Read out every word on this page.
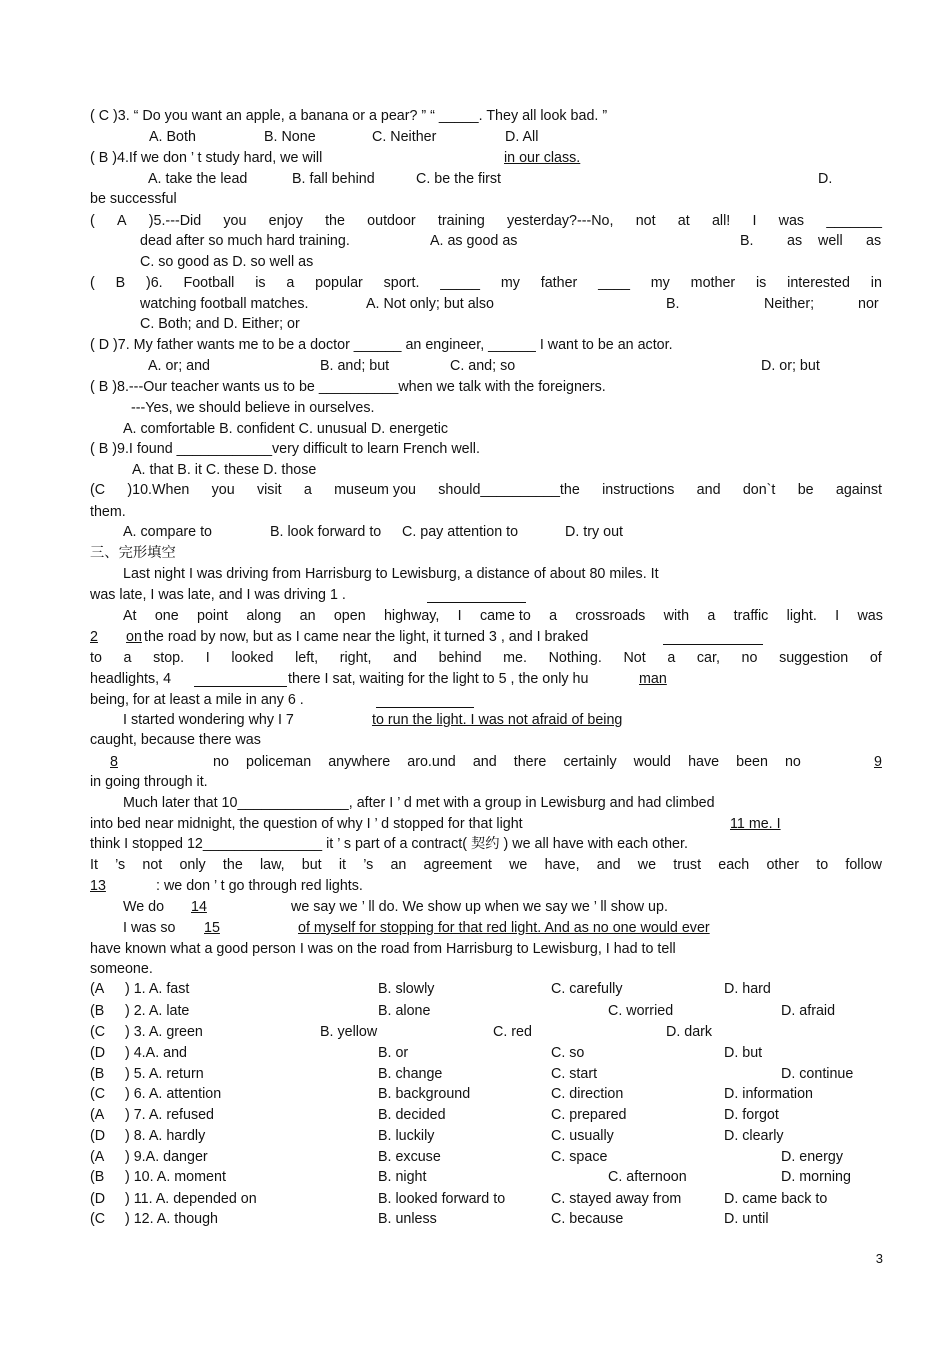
( C )3. “ Do you want an apple, a banana or a pear? ” “ _____. They all look bad. ”
A. Both	B. None	C. Neither	D. All
( B )4.If we don ’ t study hard, we will	in our class.
A. take the lead	B. fall behind	C. be the first	D.
be successful
( A )5.---Did you enjoy the outdoor training yesterday?---No, not at all! I was _______
dead after so much hard training.	A. as good as	B. as well as
C. so good as D. so well as
( B )6. Football is a popular sport. _____ my father ____ my mother is interested in
watching football matches.	A. Not only; but also	B.	Neither;	nor
C. Both; and D. Either; or
( D )7. My father wants me to be a doctor ______ an engineer, ______ I want to be an actor.
A. or; and	B. and; but	C. and; so	D. or; but
( B )8.---Our teacher wants us to be __________when we talk with the foreigners.
---Yes, we should believe in ourselves.
A. comfortable B. confident C. unusual D. energetic
( B )9.I found ____________very difficult to learn French well.
A. that B. it C. these D. those
(C )10.When you visit a museum you should__________the instructions and don`t be against
them.
A. compare to	B. look forward to C. pay attention to	D. try out
三、完形填空
Last night I was driving from Harrisburg to Lewisburg, a distance of about 80 miles. It
was late, I was late, and I was driving 1 .
At one point along an open highway, I came to a crossroads with a traffic light. I was
2	on the road by now, but as I came near the light, it turned 3 , and I braked
to a stop. I looked left, right, and behind me. Nothing. Not a car, no suggestion of
headlights, 4	there I sat, waiting for the light to 5 , the only hu	man
being, for at least a mile in any 6 .
I started wondering why I 7	to run the light. I was not afraid of being
caught, because there was
8	no policeman anywhere aro.und and there certainly would have been no	9
in going through it.
Much later that 10______________, after I ’ d met with a group in Lewisburg and had climbed
into bed near midnight, the question of why I ’ d stopped for that light	11 me. I
think I stopped 12_______________ it ’ s part of a contract( 契约 ) we all have with each other.
It ’s not only the law, but it ’s an agreement we have, and we trust each other to follow
13	: we don ’ t go through red lights.
We do	14	we say we ’ ll do. We show up when we say we ’ ll show up.
I was so 15	of myself for stopping for that red light. And as no one would ever
have known what a good person I was on the road from Harrisburg to Lewisburg, I had to tell
someone.
(A ) 1. A. fast	B. slowly	C. carefully	D. hard
(B ) 2. A. late	B. alone	C. worried	D. afraid
(C ) 3. A. green	B. yellow	C. red	D. dark
(D ) 4.A. and	B. or	C. so	D. but
(B ) 5. A. return	B. change	C. start	D. continue
(C ) 6. A. attention	B. background	C. direction	D. information
(A ) 7. A. refused	B. decided	C. prepared	D. forgot
(D ) 8. A. hardly	B. luckily	C. usually	D. clearly
(A ) 9.A. danger	B. excuse	C. space	D. energy
(B ) 10. A. moment	B. night	C. afternoon	D. morning
(D ) 11. A. depended on	B. looked forward to	C. stayed away from	D. came back to
(C ) 12. A. though	B. unless	C. because	D. until
3
